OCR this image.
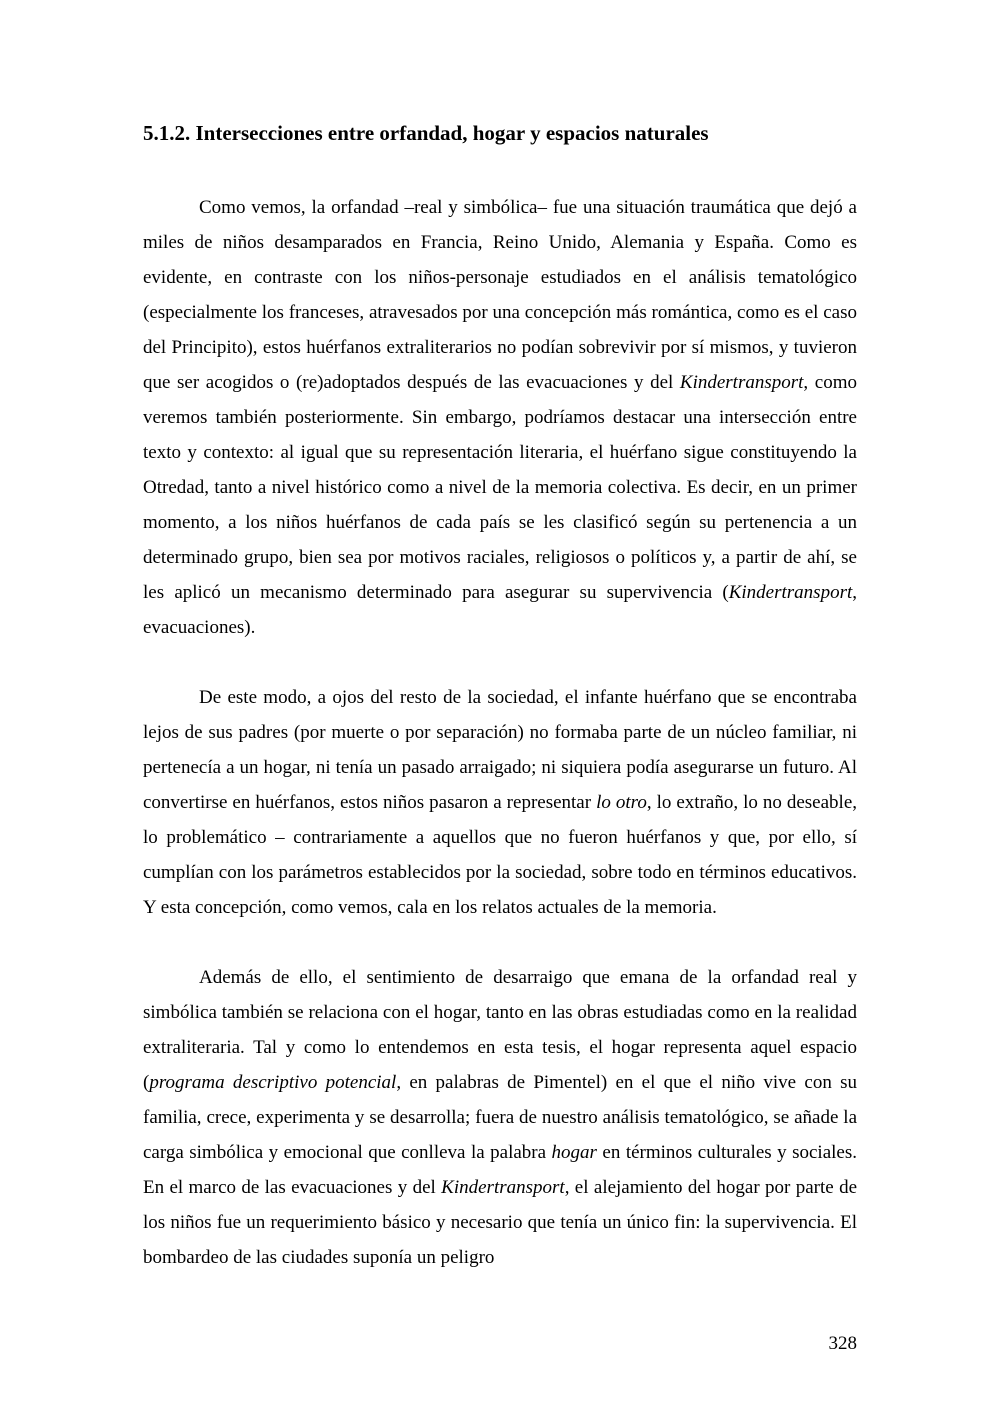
5.1.2. Intersecciones entre orfandad, hogar y espacios naturales

Como vemos, la orfandad –real y simbólica– fue una situación traumática que dejó a miles de niños desamparados en Francia, Reino Unido, Alemania y España. Como es evidente, en contraste con los niños-personaje estudiados en el análisis tematológico (especialmente los franceses, atravesados por una concepción más romántica, como es el caso del Principito), estos huérfanos extraliterarios no podían sobrevivir por sí mismos, y tuvieron que ser acogidos o (re)adoptados después de las evacuaciones y del Kindertransport, como veremos también posteriormente. Sin embargo, podríamos destacar una intersección entre texto y contexto: al igual que su representación literaria, el huérfano sigue constituyendo la Otredad, tanto a nivel histórico como a nivel de la memoria colectiva. Es decir, en un primer momento, a los niños huérfanos de cada país se les clasificó según su pertenencia a un determinado grupo, bien sea por motivos raciales, religiosos o políticos y, a partir de ahí, se les aplicó un mecanismo determinado para asegurar su supervivencia (Kindertransport, evacuaciones).

De este modo, a ojos del resto de la sociedad, el infante huérfano que se encontraba lejos de sus padres (por muerte o por separación) no formaba parte de un núcleo familiar, ni pertenecía a un hogar, ni tenía un pasado arraigado; ni siquiera podía asegurarse un futuro. Al convertirse en huérfanos, estos niños pasaron a representar lo otro, lo extraño, lo no deseable, lo problemático – contrariamente a aquellos que no fueron huérfanos y que, por ello, sí cumplían con los parámetros establecidos por la sociedad, sobre todo en términos educativos. Y esta concepción, como vemos, cala en los relatos actuales de la memoria.

Además de ello, el sentimiento de desarraigo que emana de la orfandad real y simbólica también se relaciona con el hogar, tanto en las obras estudiadas como en la realidad extraliteraria. Tal y como lo entendemos en esta tesis, el hogar representa aquel espacio (programa descriptivo potencial, en palabras de Pimentel) en el que el niño vive con su familia, crece, experimenta y se desarrolla; fuera de nuestro análisis tematológico, se añade la carga simbólica y emocional que conlleva la palabra hogar en términos culturales y sociales. En el marco de las evacuaciones y del Kindertransport, el alejamiento del hogar por parte de los niños fue un requerimiento básico y necesario que tenía un único fin: la supervivencia. El bombardeo de las ciudades suponía un peligro

328
